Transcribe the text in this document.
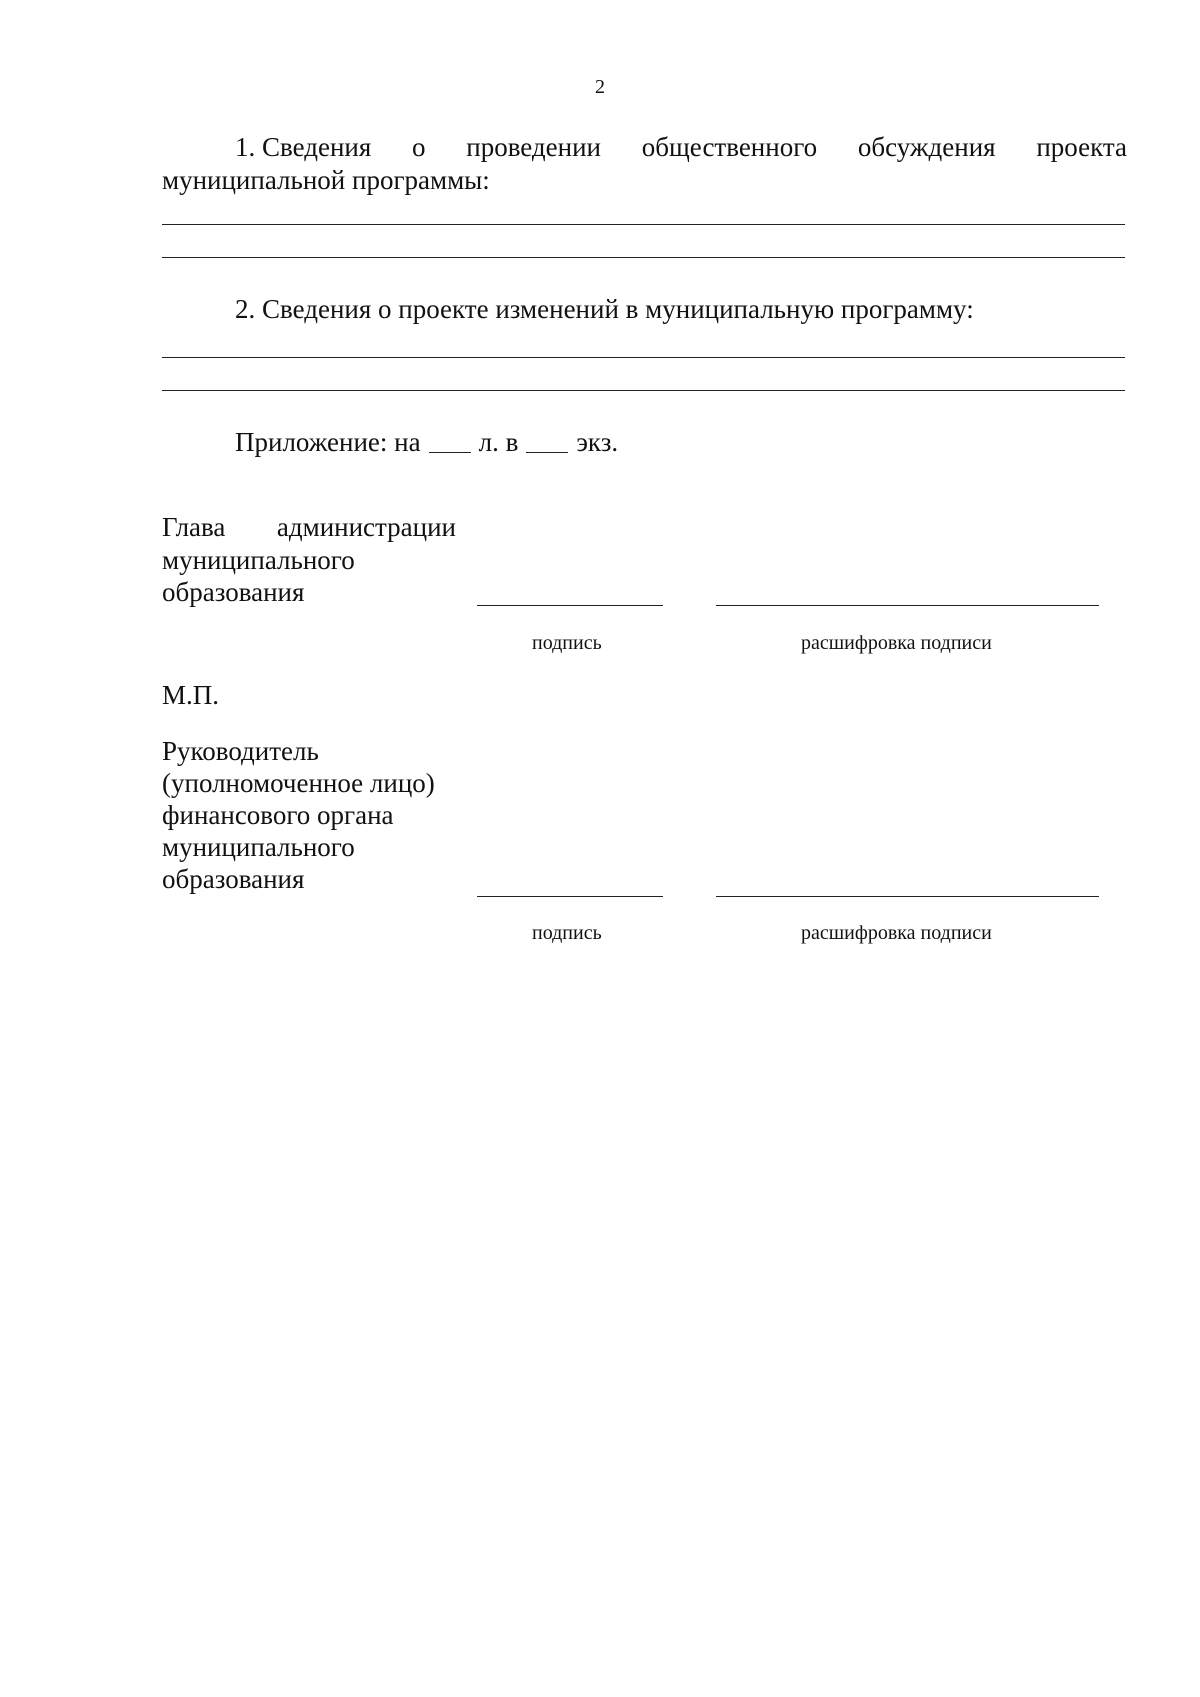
2
1. Сведения о проведении общественного обсуждения проекта
муниципальной программы:
2. Сведения о проекте изменений в муниципальную программу:
Приложение: на л. в экз.
Глава администрации
муниципального
образования
подпись	расшифровка подписи
М.П.
Руководитель
(уполномоченное лицо)
финансового органа
муниципального
образования
подпись	расшифровка подписи
